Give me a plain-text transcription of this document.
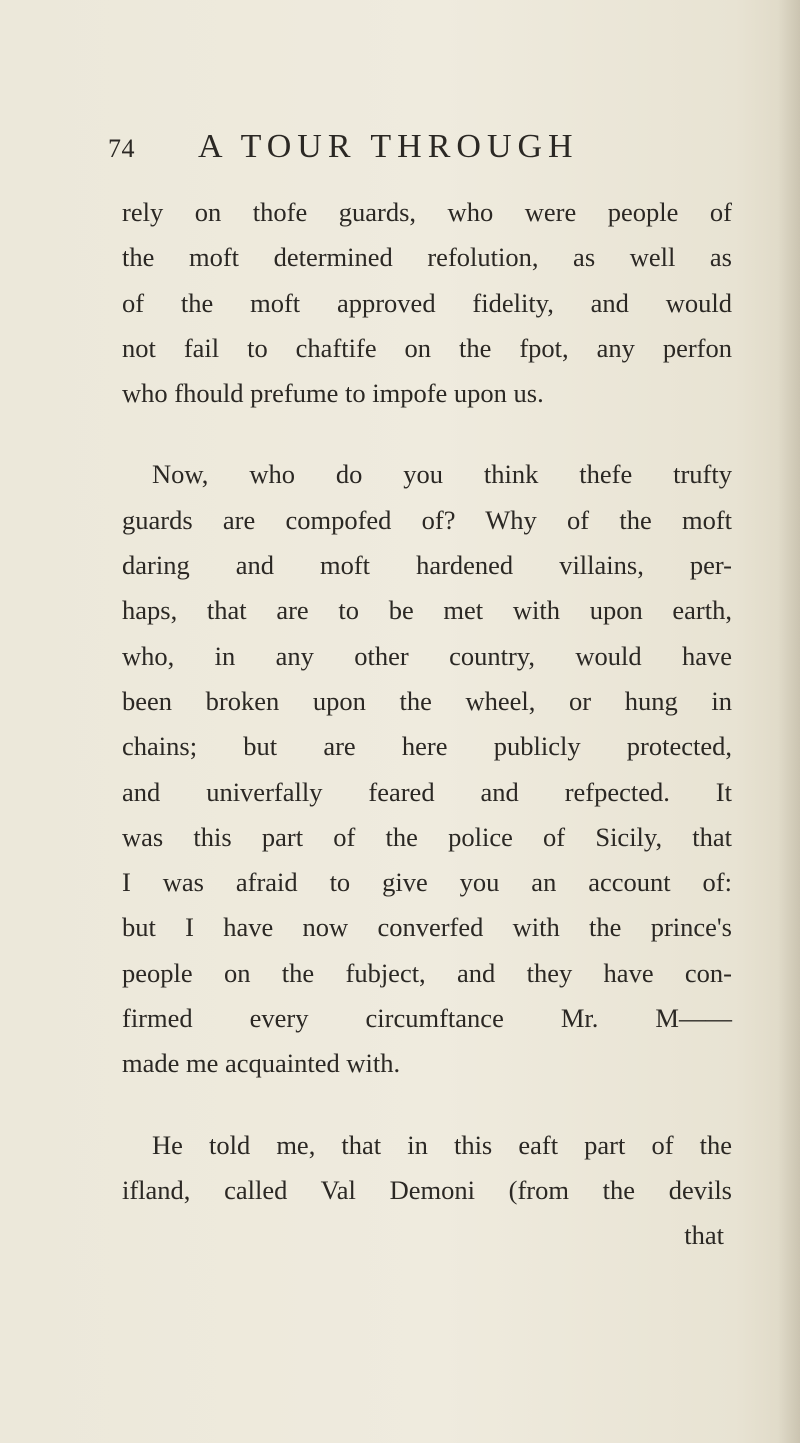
74 A TOUR THROUGH
rely on thofe guards, who were people of
the moft determined refolution, as well as
of the moft approved fidelity, and would
not fail to chaftife on the fpot, any perfon
who fhould prefume to impofe upon us.
Now, who do you think thefe trufty
guards are compofed of? Why of the moft
daring and moft hardened villains, per-
haps, that are to be met with upon earth,
who, in any other country, would have
been broken upon the wheel, or hung in
chains; but are here publicly protected,
and univerfally feared and refpected. It
was this part of the police of Sicily, that
I was afraid to give you an account of:
but I have now converfed with the prince's
people on the fubject, and they have con-
firmed every circumftance Mr. M——
made me acquainted with.
He told me, that in this eaft part of the
ifland, called Val Demoni (from the devils
that
